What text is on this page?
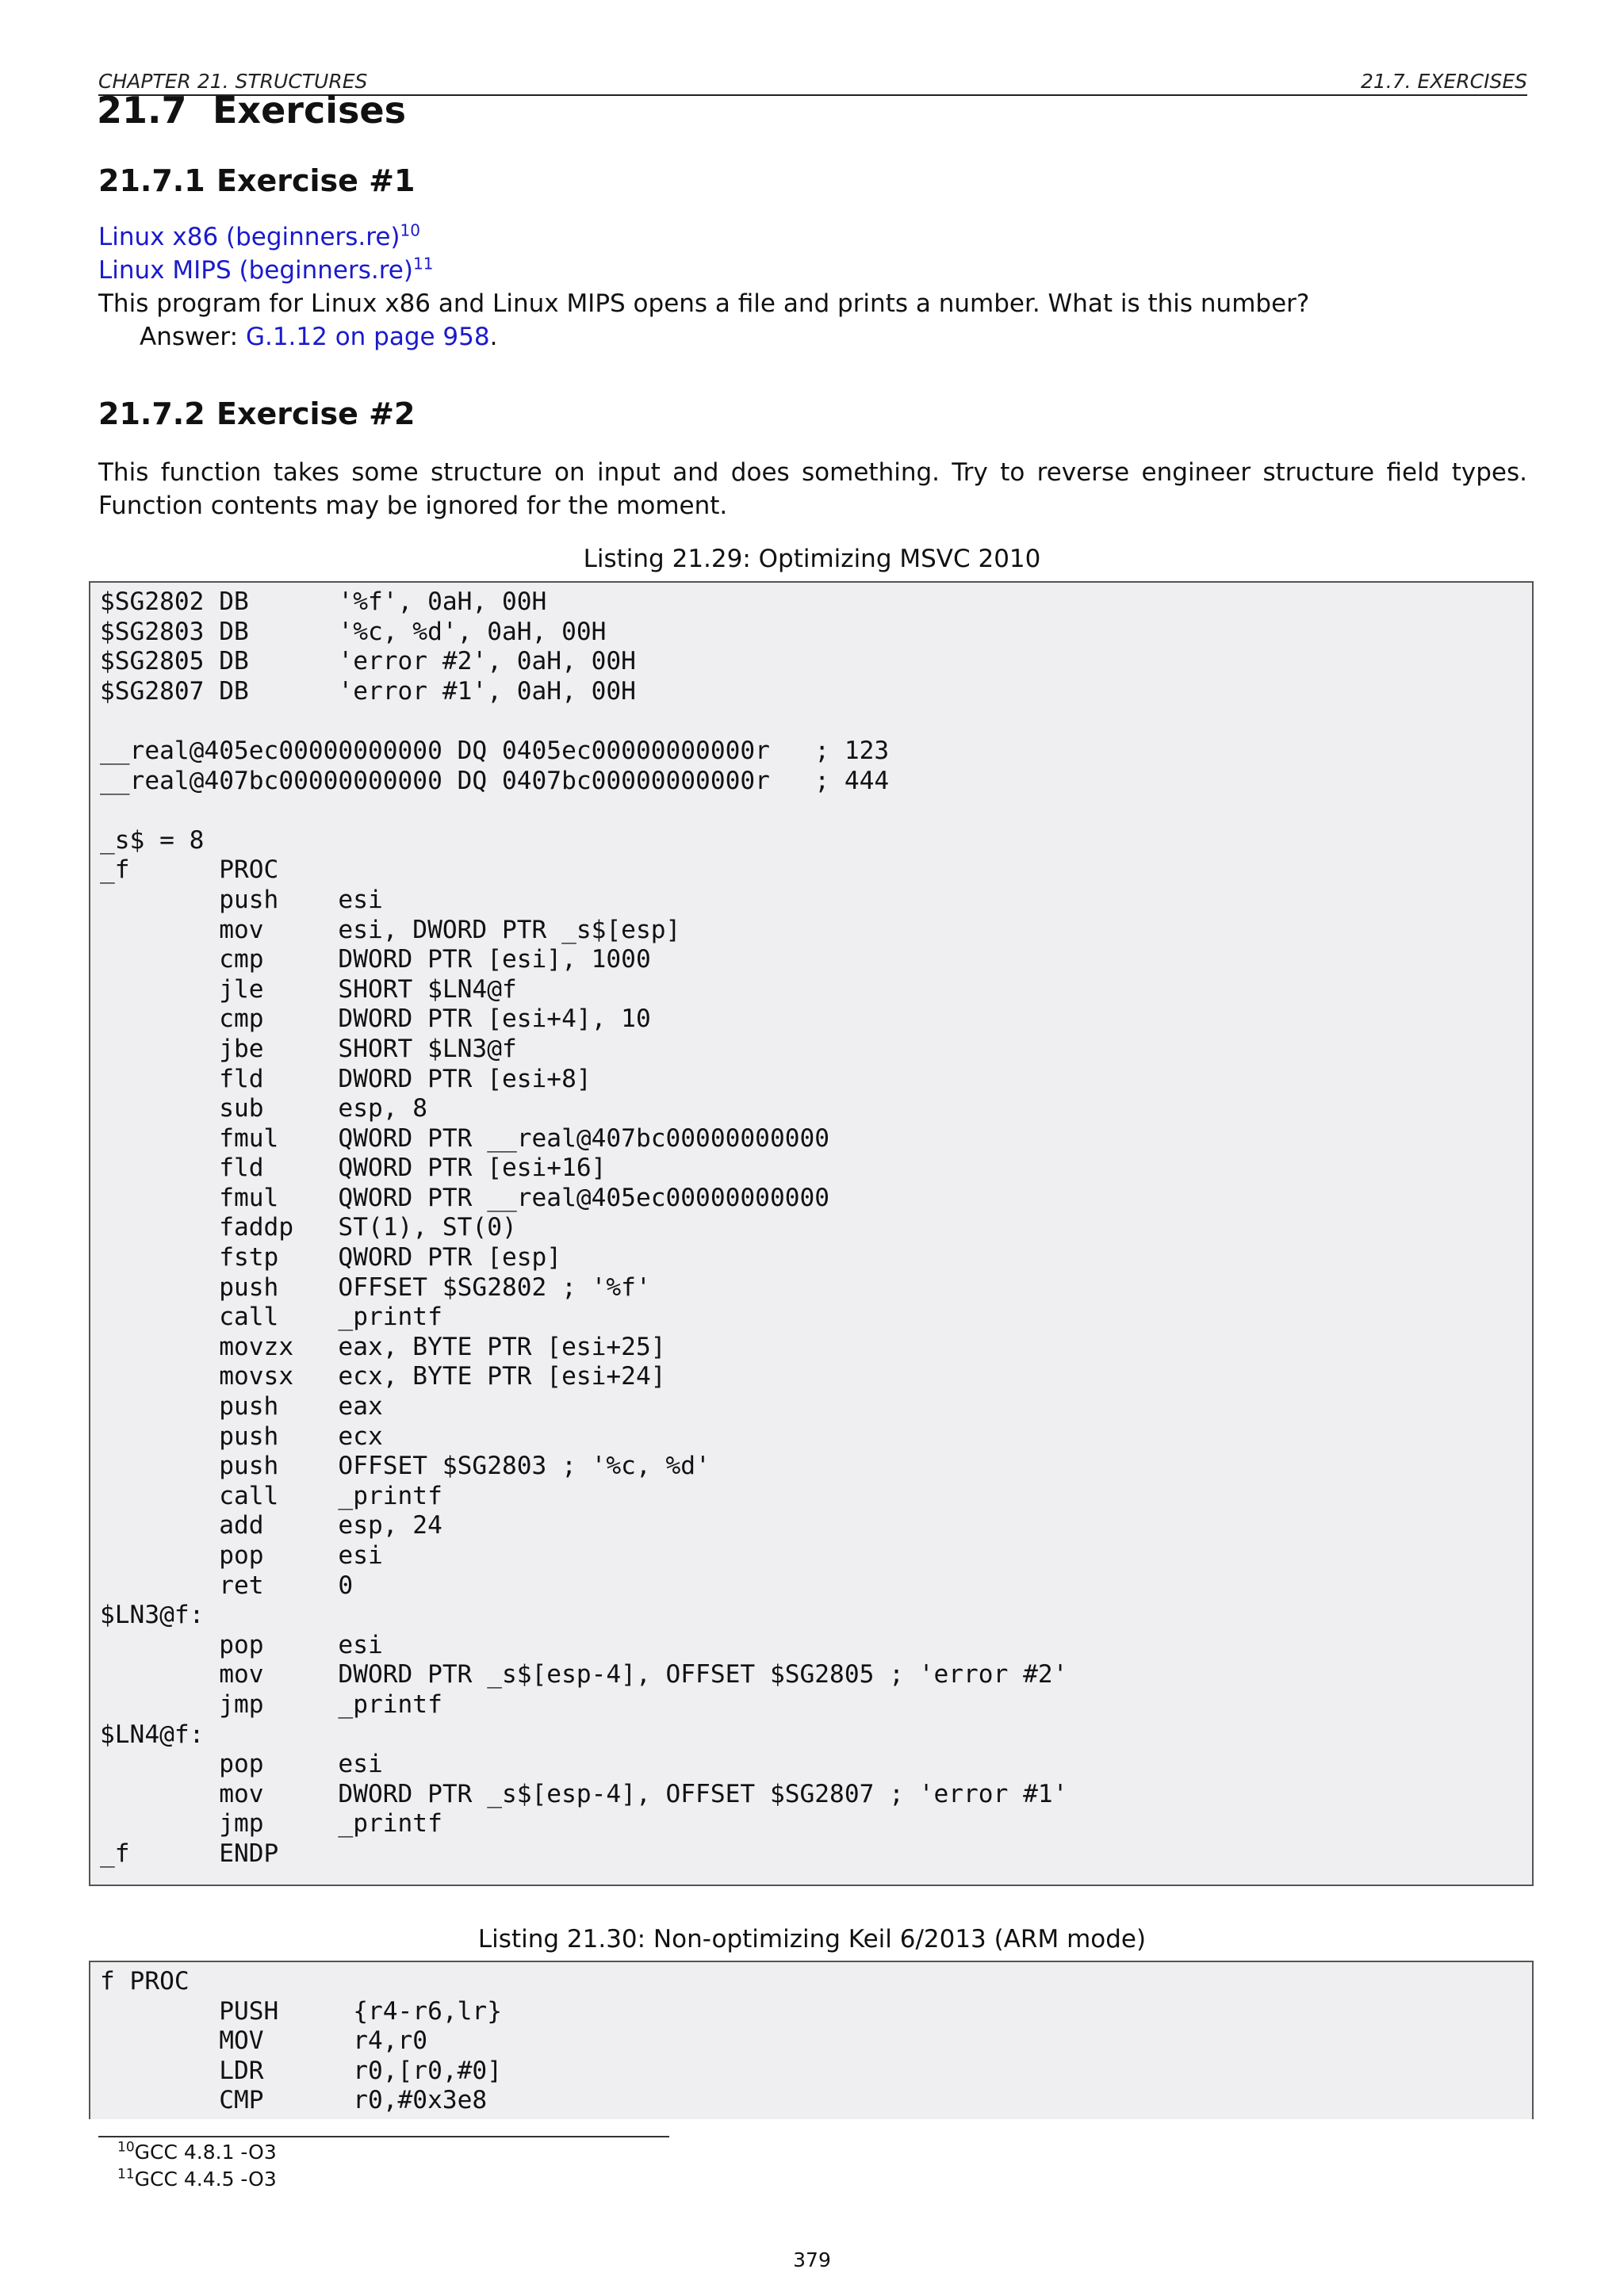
CHAPTER 21. STRUCTURES	21.7. EXERCISES
21.7 Exercises
21.7.1 Exercise #1
Linux x86 (beginners.re)$^{10}$
Linux MIPS (beginners.re)$^{11}$
This program for Linux x86 and Linux MIPS opens a file and prints a number. What is this number?
Answer: G.1.12 on page 958.
21.7.2 Exercise #2
This function takes some structure on input and does something. Try to reverse engineer structure field types. Function contents may be ignored for the moment.
Listing 21.29: Optimizing MSVC 2010
$SG2802 DB      '%f', 0aH, 00H
$SG2803 DB      '%c, %d', 0aH, 00H
$SG2805 DB      'error #2', 0aH, 00H
$SG2807 DB      'error #1', 0aH, 00H

__real@405ec00000000000 DQ 0405ec00000000000r   ; 123
__real@407bc00000000000 DQ 0407bc00000000000r   ; 444

_s$ = 8
_f      PROC
push    esi
mov     esi, DWORD PTR _s$[esp]
cmp     DWORD PTR [esi], 1000
jle     SHORT $LN4@f
cmp     DWORD PTR [esi+4], 10
jbe     SHORT $LN3@f
fld     DWORD PTR [esi+8]
sub     esp, 8
fmul    QWORD PTR __real@407bc00000000000
fld     QWORD PTR [esi+16]
fmul    QWORD PTR __real@405ec00000000000
faddp   ST(1), ST(0)
fstp    QWORD PTR [esp]
push    OFFSET $SG2802 ; '%f'
call    _printf
movzx   eax, BYTE PTR [esi+25]
movsx   ecx, BYTE PTR [esi+24]
push    eax
push    ecx
push    OFFSET $SG2803 ; '%c, %d'
call    _printf
add     esp, 24
pop     esi
ret     0
$LN3@f:
pop     esi
mov     DWORD PTR _s$[esp-4], OFFSET $SG2805 ; 'error #2'
jmp     _printf
$LN4@f:
pop     esi
mov     DWORD PTR _s$[esp-4], OFFSET $SG2807 ; 'error #1'
jmp     _printf
_f      ENDP
Listing 21.30: Non-optimizing Keil 6/2013 (ARM mode)
f PROC
PUSH     {r4-r6,lr}
MOV      r4,r0
LDR      r0,[r0,#0]
CMP      r0,#0x3e8
$^{10}$GCC 4.8.1 -O3
$^{11}$GCC 4.4.5 -O3
379
